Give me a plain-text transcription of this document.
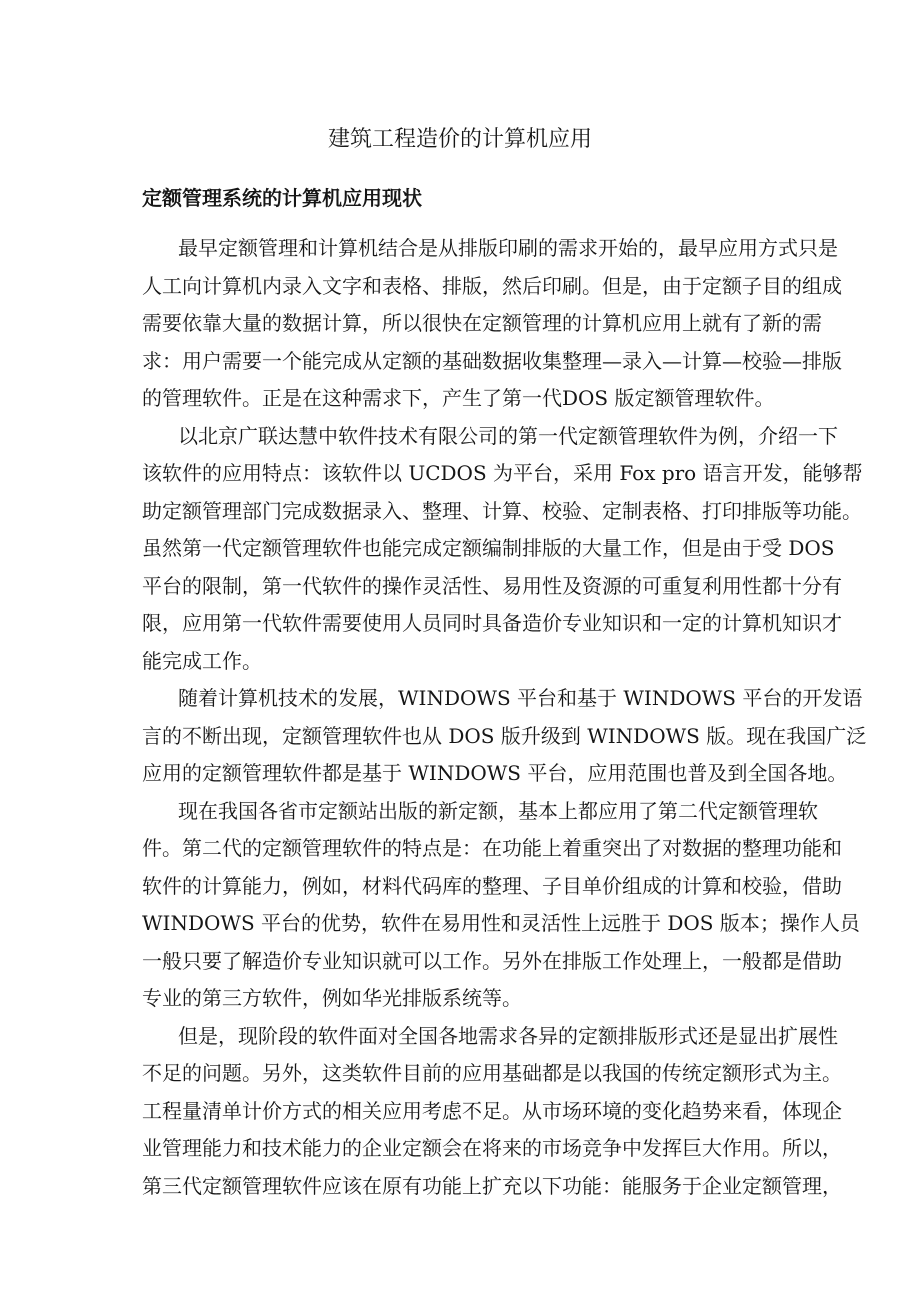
建筑工程造价的计算机应用
定额管理系统的计算机应用现状
最早定额管理和计算机结合是从排版印刷的需求开始的，最早应用方式只是
人工向计算机内录入文字和表格、排版，然后印刷。但是，由于定额子目的组成
需要依靠大量的数据计算，所以很快在定额管理的计算机应用上就有了新的需
求：用户需要一个能完成从定额的基础数据收集整理—录入—计算—校验—排版
的管理软件。正是在这种需求下，产生了第一代DOS 版定额管理软件。
以北京广联达慧中软件技术有限公司的第一代定额管理软件为例，介绍一下
该软件的应用特点：该软件以 UCDOS 为平台，采用 Fox pro 语言开发，能够帮
助定额管理部门完成数据录入、整理、计算、校验、定制表格、打印排版等功能。
虽然第一代定额管理软件也能完成定额编制排版的大量工作，但是由于受 DOS
平台的限制，第一代软件的操作灵活性、易用性及资源的可重复利用性都十分有
限，应用第一代软件需要使用人员同时具备造价专业知识和一定的计算机知识才
能完成工作。
随着计算机技术的发展，WINDOWS 平台和基于 WINDOWS 平台的开发语
言的不断出现，定额管理软件也从 DOS 版升级到 WINDOWS 版。现在我国广泛
应用的定额管理软件都是基于 WINDOWS 平台，应用范围也普及到全国各地。
现在我国各省市定额站出版的新定额，基本上都应用了第二代定额管理软
件。第二代的定额管理软件的特点是：在功能上着重突出了对数据的整理功能和
软件的计算能力，例如，材料代码库的整理、子目单价组成的计算和校验，借助
WINDOWS 平台的优势，软件在易用性和灵活性上远胜于 DOS 版本；操作人员
一般只要了解造价专业知识就可以工作。另外在排版工作处理上，一般都是借助
专业的第三方软件，例如华光排版系统等。
但是，现阶段的软件面对全国各地需求各异的定额排版形式还是显出扩展性
不足的问题。另外，这类软件目前的应用基础都是以我国的传统定额形式为主。
工程量清单计价方式的相关应用考虑不足。从市场环境的变化趋势来看，体现企
业管理能力和技术能力的企业定额会在将来的市场竞争中发挥巨大作用。所以，
第三代定额管理软件应该在原有功能上扩充以下功能：能服务于企业定额管理，
